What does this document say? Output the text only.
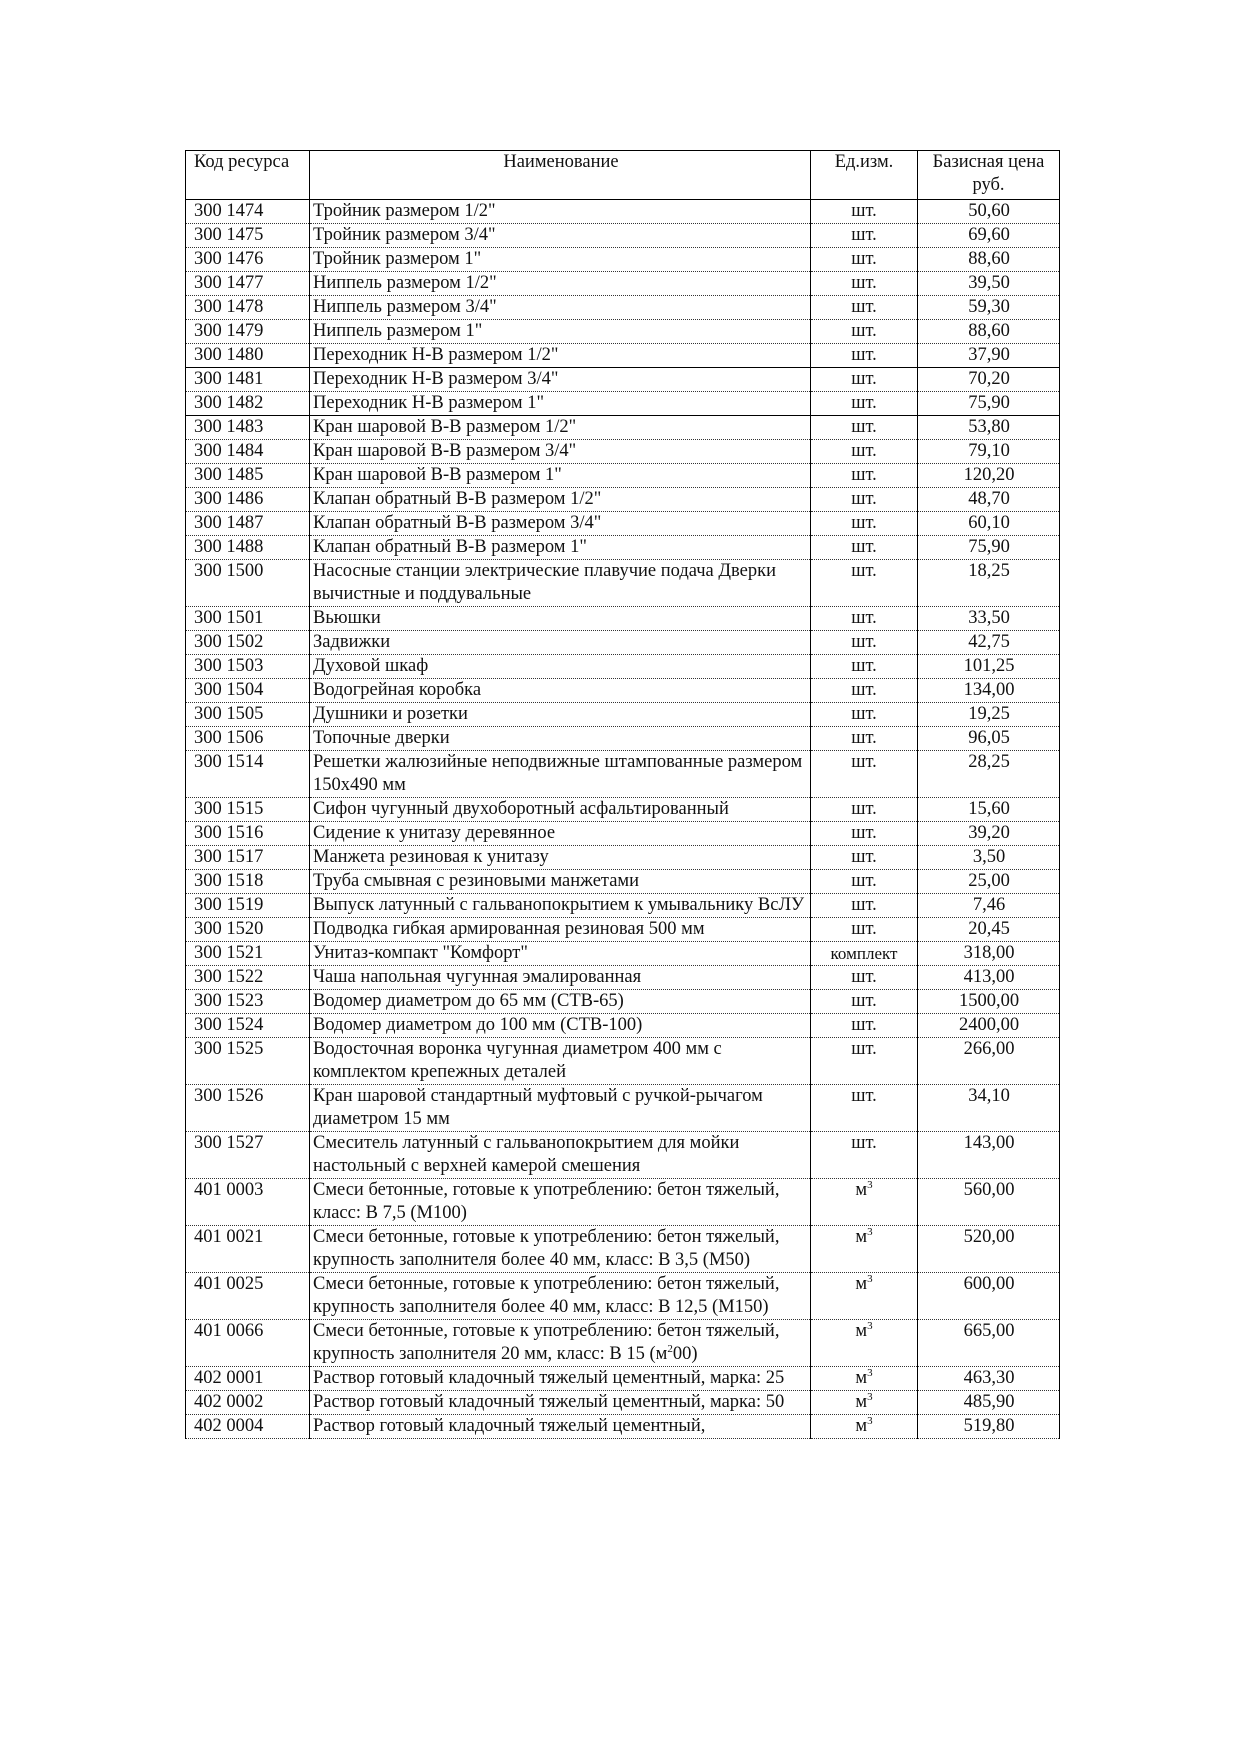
Код ресурса	Наименование	Ед.изм.	Базисная цена руб.
300 1474	Тройник размером 1/2"	шт.	50,60
300 1475	Тройник размером 3/4"	шт.	69,60
300 1476	Тройник размером 1"	шт.	88,60
300 1477	Ниппель размером 1/2"	шт.	39,50
300 1478	Ниппель размером 3/4"	шт.	59,30
300 1479	Ниппель размером 1"	шт.	88,60
300 1480	Переходник Н-В размером 1/2"	шт.	37,90
300 1481	Переходник Н-В размером 3/4"	шт.	70,20
300 1482	Переходник Н-В размером 1"	шт.	75,90
300 1483	Кран шаровой В-В размером 1/2"	шт.	53,80
300 1484	Кран шаровой В-В размером 3/4"	шт.	79,10
300 1485	Кран шаровой В-В размером 1"	шт.	120,20
300 1486	Клапан обратный В-В размером 1/2"	шт.	48,70
300 1487	Клапан обратный В-В размером 3/4"	шт.	60,10
300 1488	Клапан обратный В-В размером 1"	шт.	75,90
300 1500	Насосные станции электрические плавучие подача Дверки вычистные и поддувальные	шт.	18,25
300 1501	Вьюшки	шт.	33,50
300 1502	Задвижки	шт.	42,75
300 1503	Духовой шкаф	шт.	101,25
300 1504	Водогрейная коробка	шт.	134,00
300 1505	Душники и розетки	шт.	19,25
300 1506	Топочные дверки	шт.	96,05
300 1514	Решетки жалюзийные неподвижные штампованные размером 150х490 мм	шт.	28,25
300 1515	Сифон чугунный двухоборотный асфальтированный	шт.	15,60
300 1516	Сидение к унитазу деревянное	шт.	39,20
300 1517	Манжета резиновая к унитазу	шт.	3,50
300 1518	Труба смывная с резиновыми манжетами	шт.	25,00
300 1519	Выпуск латунный с гальванопокрытием к умывальнику ВсЛУ	шт.	7,46
300 1520	Подводка гибкая армированная резиновая 500 мм	шт.	20,45
300 1521	Унитаз-компакт "Комфорт"	комплект	318,00
300 1522	Чаша напольная чугунная эмалированная	шт.	413,00
300 1523	Водомер диаметром до 65 мм (СТВ-65)	шт.	1500,00
300 1524	Водомер диаметром до 100 мм (СТВ-100)	шт.	2400,00
300 1525	Водосточная воронка чугунная диаметром 400 мм с комплектом крепежных деталей	шт.	266,00
300 1526	Кран шаровой стандартный муфтовый с ручкой-рычагом диаметром 15 мм	шт.	34,10
300 1527	Смеситель латунный с гальванопокрытием для мойки настольный с верхней камерой смешения	шт.	143,00
401 0003	Смеси бетонные, готовые к употреблению: бетон тяжелый, класс: В 7,5 (М100)	$м^3$	560,00
401 0021	Смеси бетонные, готовые к употреблению: бетон тяжелый, крупность заполнителя более 40 мм, класс: В 3,5 (М50)	$м^3$	520,00
401 0025	Смеси бетонные, готовые к употреблению: бетон тяжелый, крупность заполнителя более 40 мм, класс: В 12,5 (М150)	$м^3$	600,00
401 0066	Смеси бетонные, готовые к употреблению: бетон тяжелый, крупность заполнителя 20 мм, класс: В 15 $(м^200)$	$м^3$	665,00
402 0001	Раствор готовый кладочный тяжелый цементный, марка: 25	$м^3$	463,30
402 0002	Раствор готовый кладочный тяжелый цементный, марка: 50	$м^3$	485,90
402 0004	Раствор готовый кладочный тяжелый цементный,	$м^3$	519,80
